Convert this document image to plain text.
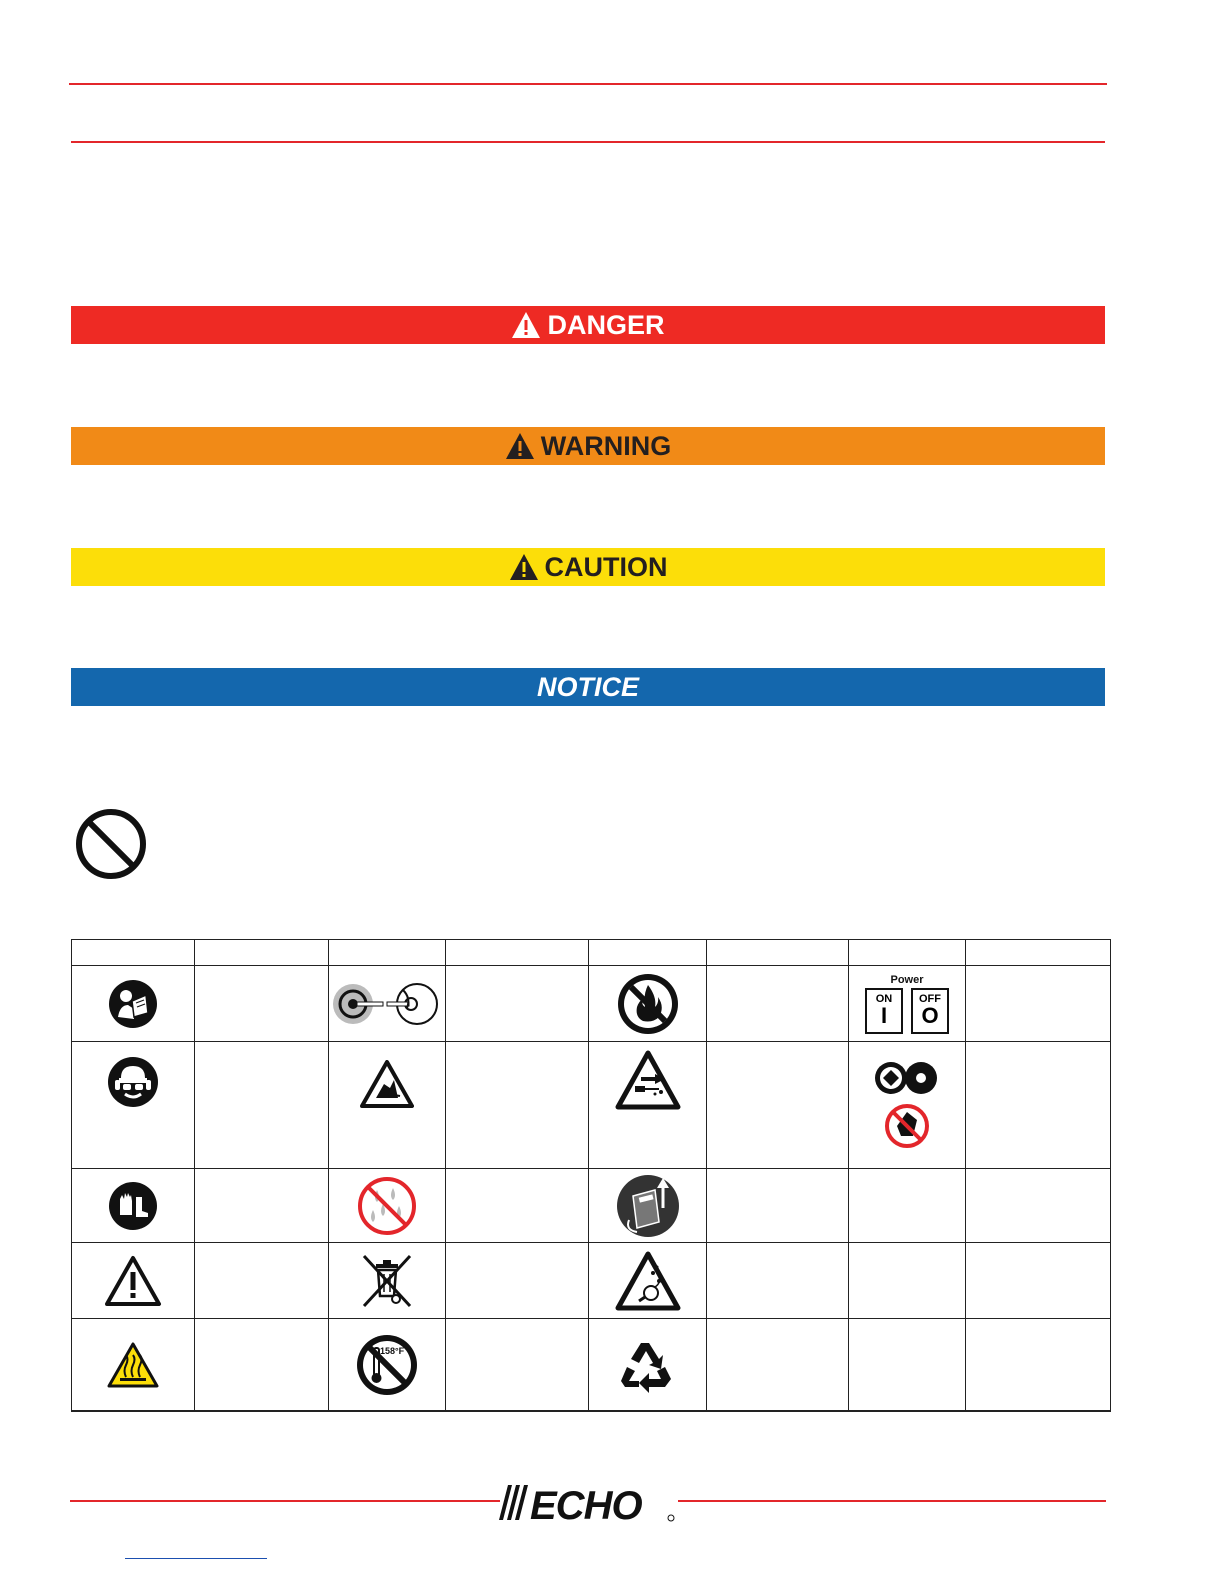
DANGER
WARNING
CAUTION
NOTICE

Power
ON
I
OFF
O	

158°F

ECHO
